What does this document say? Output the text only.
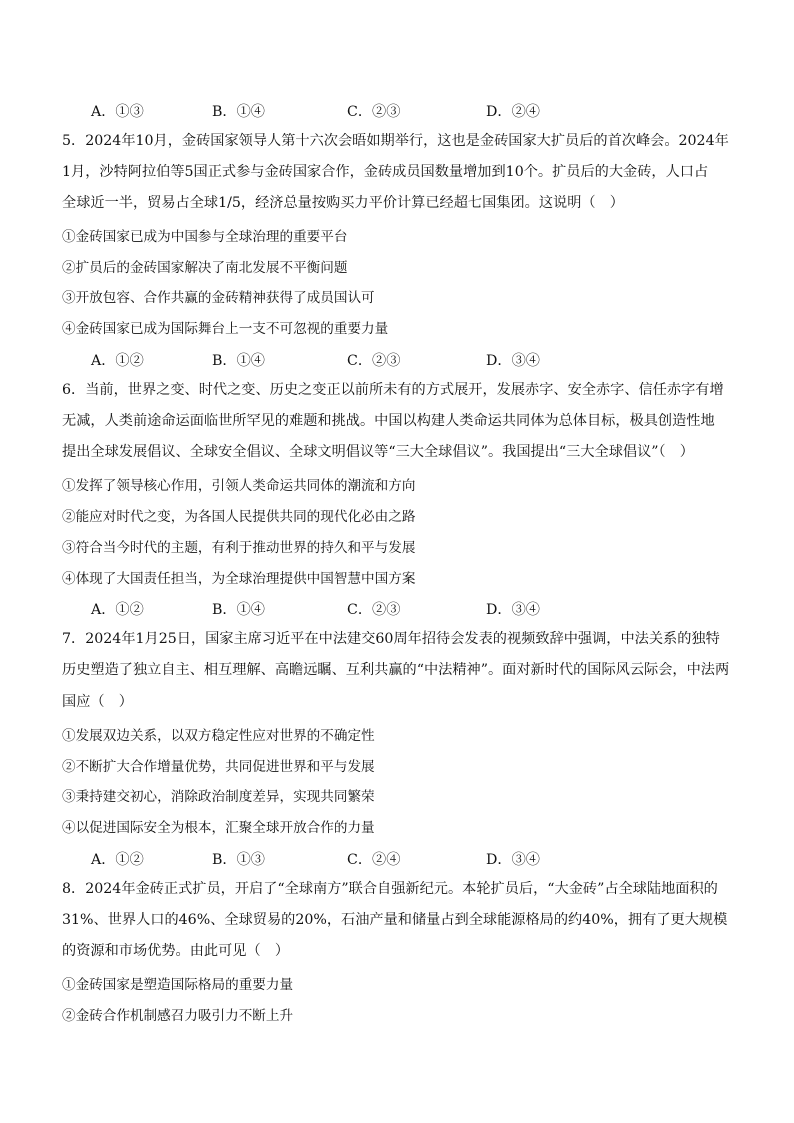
A．①③	B．①④	C．②③	D．②④
5．2024年10月，金砖国家领导人第十六次会晤如期举行，这也是金砖国家大扩员后的首次峰会。2024年
1月，沙特阿拉伯等5国正式参与金砖国家合作，金砖成员国数量增加到10个。扩员后的大金砖，人口占
全球近一半，贸易占全球1/5，经济总量按购买力平价计算已经超七国集团。这说明（　）
①金砖国家已成为中国参与全球治理的重要平台
②扩员后的金砖国家解决了南北发展不平衡问题
③开放包容、合作共赢的金砖精神获得了成员国认可
④金砖国家已成为国际舞台上一支不可忽视的重要力量
A．①②	B．①④	C．②③	D．③④
6．当前，世界之变、时代之变、历史之变正以前所未有的方式展开，发展赤字、安全赤字、信任赤字有增
无减，人类前途命运面临世所罕见的难题和挑战。中国以构建人类命运共同体为总体目标，极具创造性地
提出全球发展倡议、全球安全倡议、全球文明倡议等“三大全球倡议”。我国提出“三大全球倡议”（　）
①发挥了领导核心作用，引领人类命运共同体的潮流和方向
②能应对时代之变，为各国人民提供共同的现代化必由之路
③符合当今时代的主题，有利于推动世界的持久和平与发展
④体现了大国责任担当，为全球治理提供中国智慧中国方案
A．①②	B．①④	C．②③	D．③④
7．2024年1月25日，国家主席习近平在中法建交60周年招待会发表的视频致辞中强调，中法关系的独特
历史塑造了独立自主、相互理解、高瞻远瞩、互利共赢的“中法精神”。面对新时代的国际风云际会，中法两
国应（　）
①发展双边关系，以双方稳定性应对世界的不确定性
②不断扩大合作增量优势，共同促进世界和平与发展
③秉持建交初心，消除政治制度差异，实现共同繁荣
④以促进国际安全为根本，汇聚全球开放合作的力量
A．①②	B．①③	C．②④	D．③④
8．2024年金砖正式扩员，开启了“全球南方”联合自强新纪元。本轮扩员后，“大金砖”占全球陆地面积的
31%、世界人口的46%、全球贸易的20%，石油产量和储量占到全球能源格局的约40%，拥有了更大规模
的资源和市场优势。由此可见（　）
①金砖国家是塑造国际格局的重要力量
②金砖合作机制感召力吸引力不断上升
